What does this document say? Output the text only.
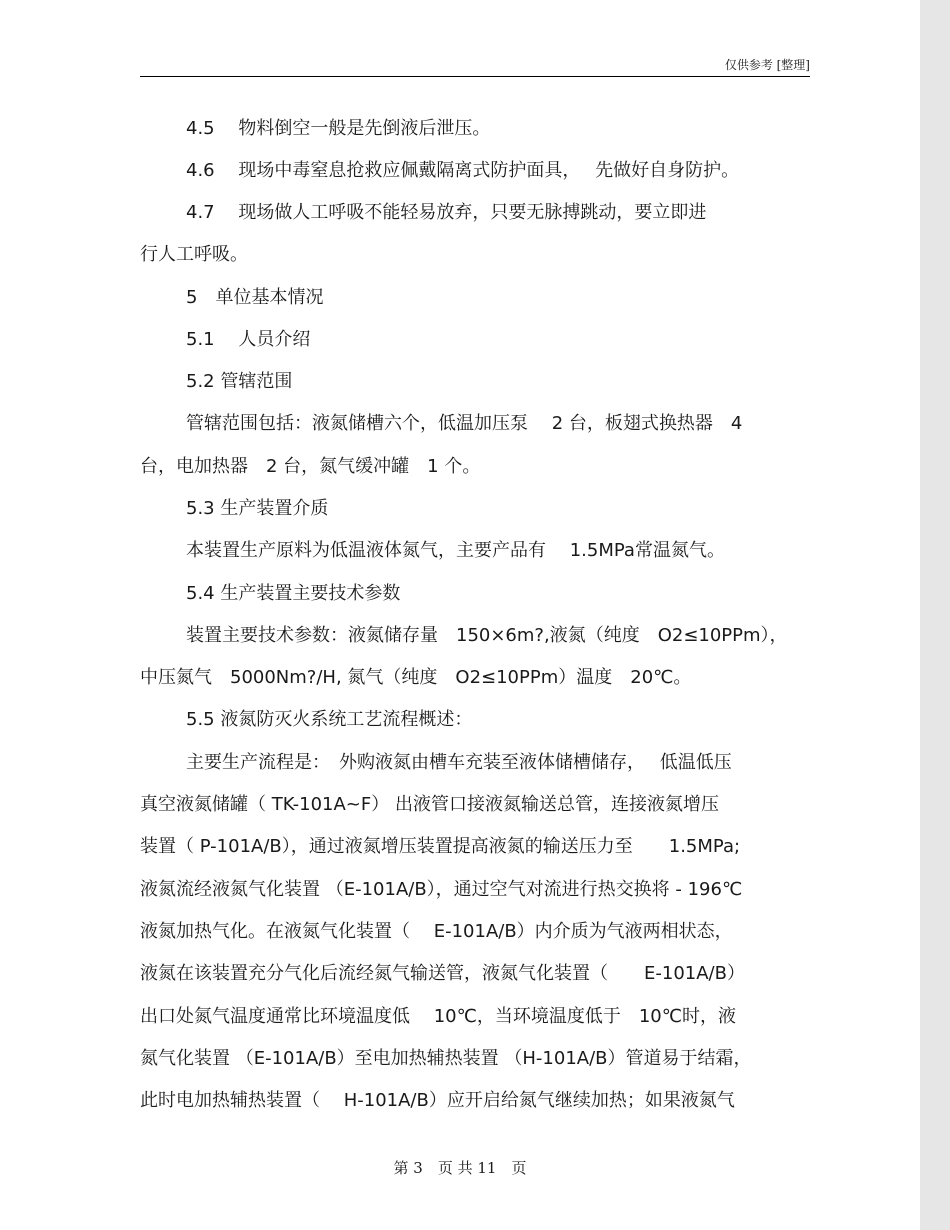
仅供参考 [整理]
4.5　 物料倒空一般是先倒液后泄压。
4.6　 现场中毒窒息抢救应佩戴隔离式防护面具，　 先做好自身防护。
4.7　 现场做人工呼吸不能轻易放弃，只要无脉搏跳动，要立即进
行人工呼吸。
5　单位基本情况
5.1　 人员介绍
5.2 管辖范围
管辖范围包括：液氮储槽六个，低温加压泵　 2 台，板翅式换热器　4
台，电加热器　2 台，氮气缓冲罐　1 个。
5.3 生产装置介质
本装置生产原料为低温液体氮气，主要产品有　 1.5MPa常温氮气。
5.4 生产装置主要技术参数
装置主要技术参数：液氮储存量　150×6m?,液氮（纯度　O2≤10PPm），
中压氮气　5000Nm?/H, 氮气（纯度　O2≤10PPm）温度　20℃。
5.5 液氮防灭火系统工艺流程概述：
主要生产流程是：　外购液氮由槽车充装至液体储槽储存，　 低温低压
真空液氮储罐（ TK-101A~F） 出液管口接液氮输送总管，连接液氮增压
装置（ P-101A/B），通过液氮增压装置提高液氮的输送压力至　　1.5MPa;
液氮流经液氮气化装置 （E-101A/B），通过空气对流进行热交换将 - 196℃
液氮加热气化。在液氮气化装置（　 E-101A/B）内介质为气液两相状态，
液氮在该装置充分气化后流经氮气输送管，液氮气化装置（　　E-101A/B）
出口处氮气温度通常比环境温度低　 10℃，当环境温度低于　10℃时，液
氮气化装置 （E-101A/B）至电加热辅热装置 （H-101A/B）管道易于结霜，
此时电加热辅热装置（　 H-101A/B）应开启给氮气继续加热；如果液氮气
第 3　页 共 11　页
